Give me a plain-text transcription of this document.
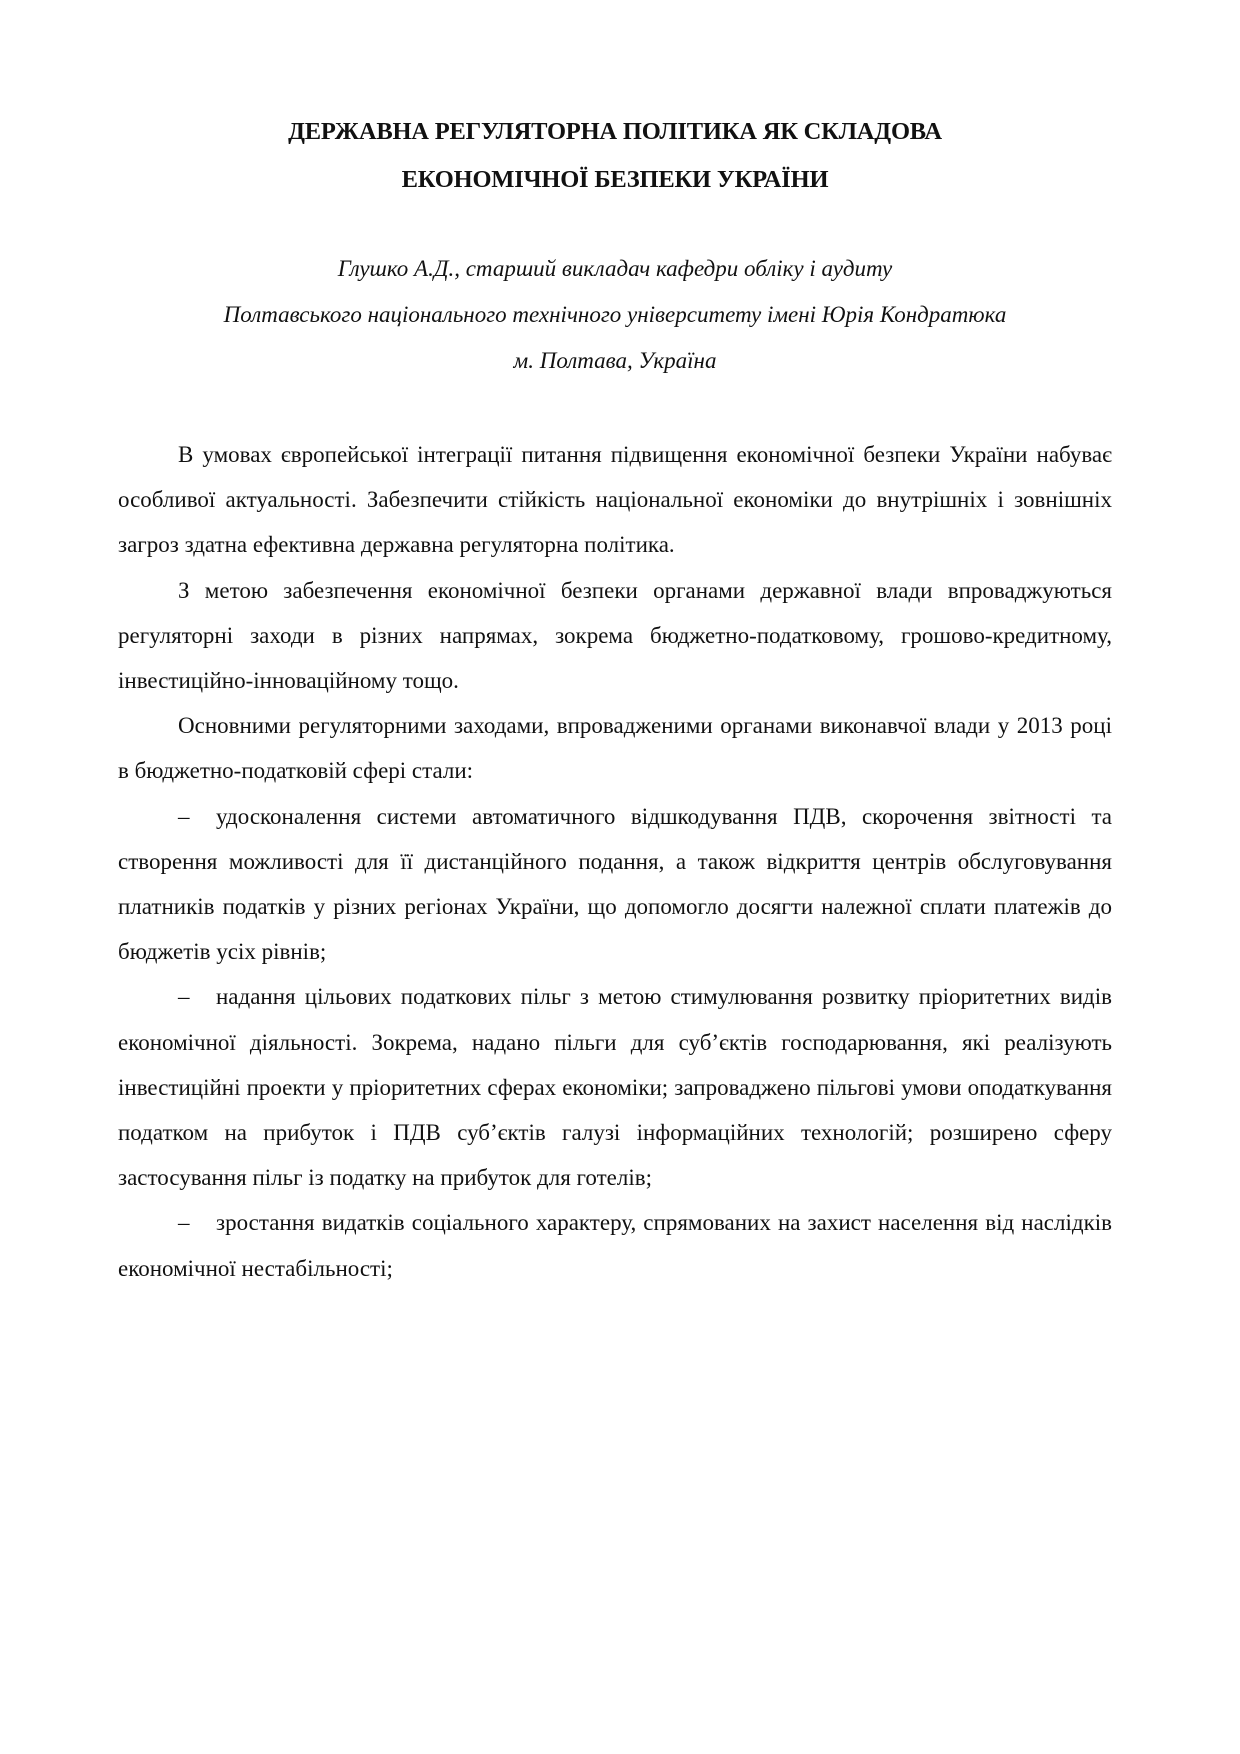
ДЕРЖАВНА РЕГУЛЯТОРНА ПОЛІТИКА ЯК СКЛАДОВА
ЕКОНОМІЧНОЇ БЕЗПЕКИ УКРАЇНИ
Глушко А.Д., старший викладач кафедри обліку і аудиту
Полтавського національного технічного університету імені Юрія Кондратюка
м. Полтава, Україна

В умовах європейської інтеграції питання підвищення економічної безпеки України набуває особливої актуальності. Забезпечити стійкість національної економіки до внутрішніх і зовнішніх загроз здатна ефективна державна регуляторна політика.

З метою забезпечення економічної безпеки органами державної влади впроваджуються регуляторні заходи в різних напрямах, зокрема бюджетно-податковому, грошово-кредитному, інвестиційно-інноваційному тощо.

Основними регуляторними заходами, впровадженими органами виконавчої влади у 2013 році в бюджетно-податковій сфері стали:

– удосконалення системи автоматичного відшкодування ПДВ, скорочення звітності та створення можливості для її дистанційного подання, а також відкриття центрів обслуговування платників податків у різних регіонах України, що допомогло досягти належної сплати платежів до бюджетів усіх рівнів;

– надання цільових податкових пільг з метою стимулювання розвитку пріоритетних видів економічної діяльності. Зокрема, надано пільги для суб’єктів господарювання, які реалізують інвестиційні проекти у пріоритетних сферах економіки; запроваджено пільгові умови оподаткування податком на прибуток і ПДВ суб’єктів галузі інформаційних технологій; розширено сферу застосування пільг із податку на прибуток для готелів;

– зростання видатків соціального характеру, спрямованих на захист населення від наслідків економічної нестабільності;
